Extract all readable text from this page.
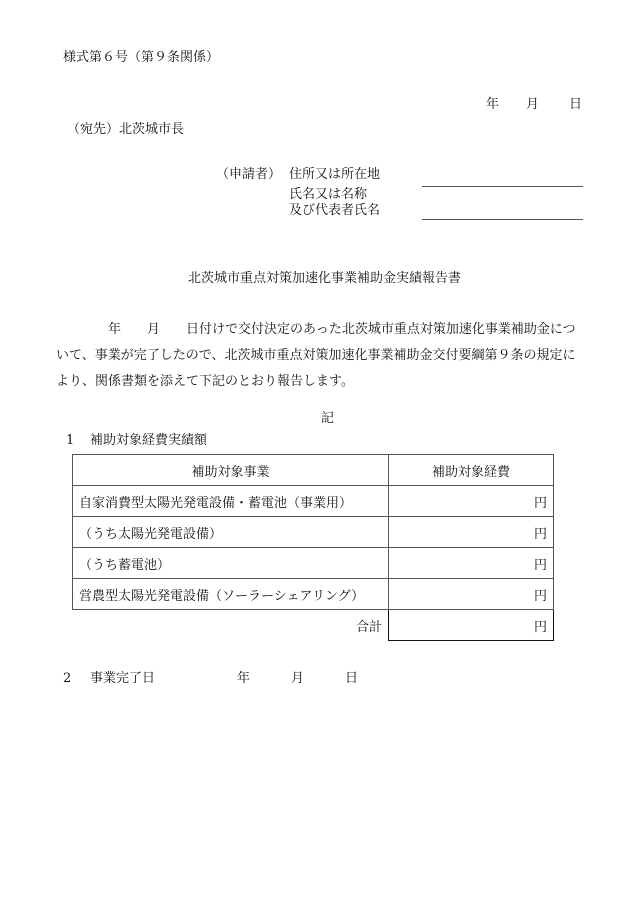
様式第６号（第９条関係）
年 月 日
（宛先）北茨城市長
（申請者） 住所又は所在地
氏名又は名称
及び代表者氏名
北茨城市重点対策加速化事業補助金実績報告書
　　　　年　　月　　日付けで交付決定のあった北茨城市重点対策加速化事業補助金につ
いて、事業が完了したので、北茨城市重点対策加速化事業補助金交付要綱第９条の規定に
より、関係書類を添えて下記のとおり報告します。
記
1 補助対象経費実績額
補助対象事業	補助対象経費
自家消費型太陽光発電設備・蓄電池（事業用）	円
（うち太陽光発電設備）	円
（うち蓄電池）	円
営農型太陽光発電設備（ソーラーシェアリング）	円
合計	円
2 事業完了日	年	月	日
